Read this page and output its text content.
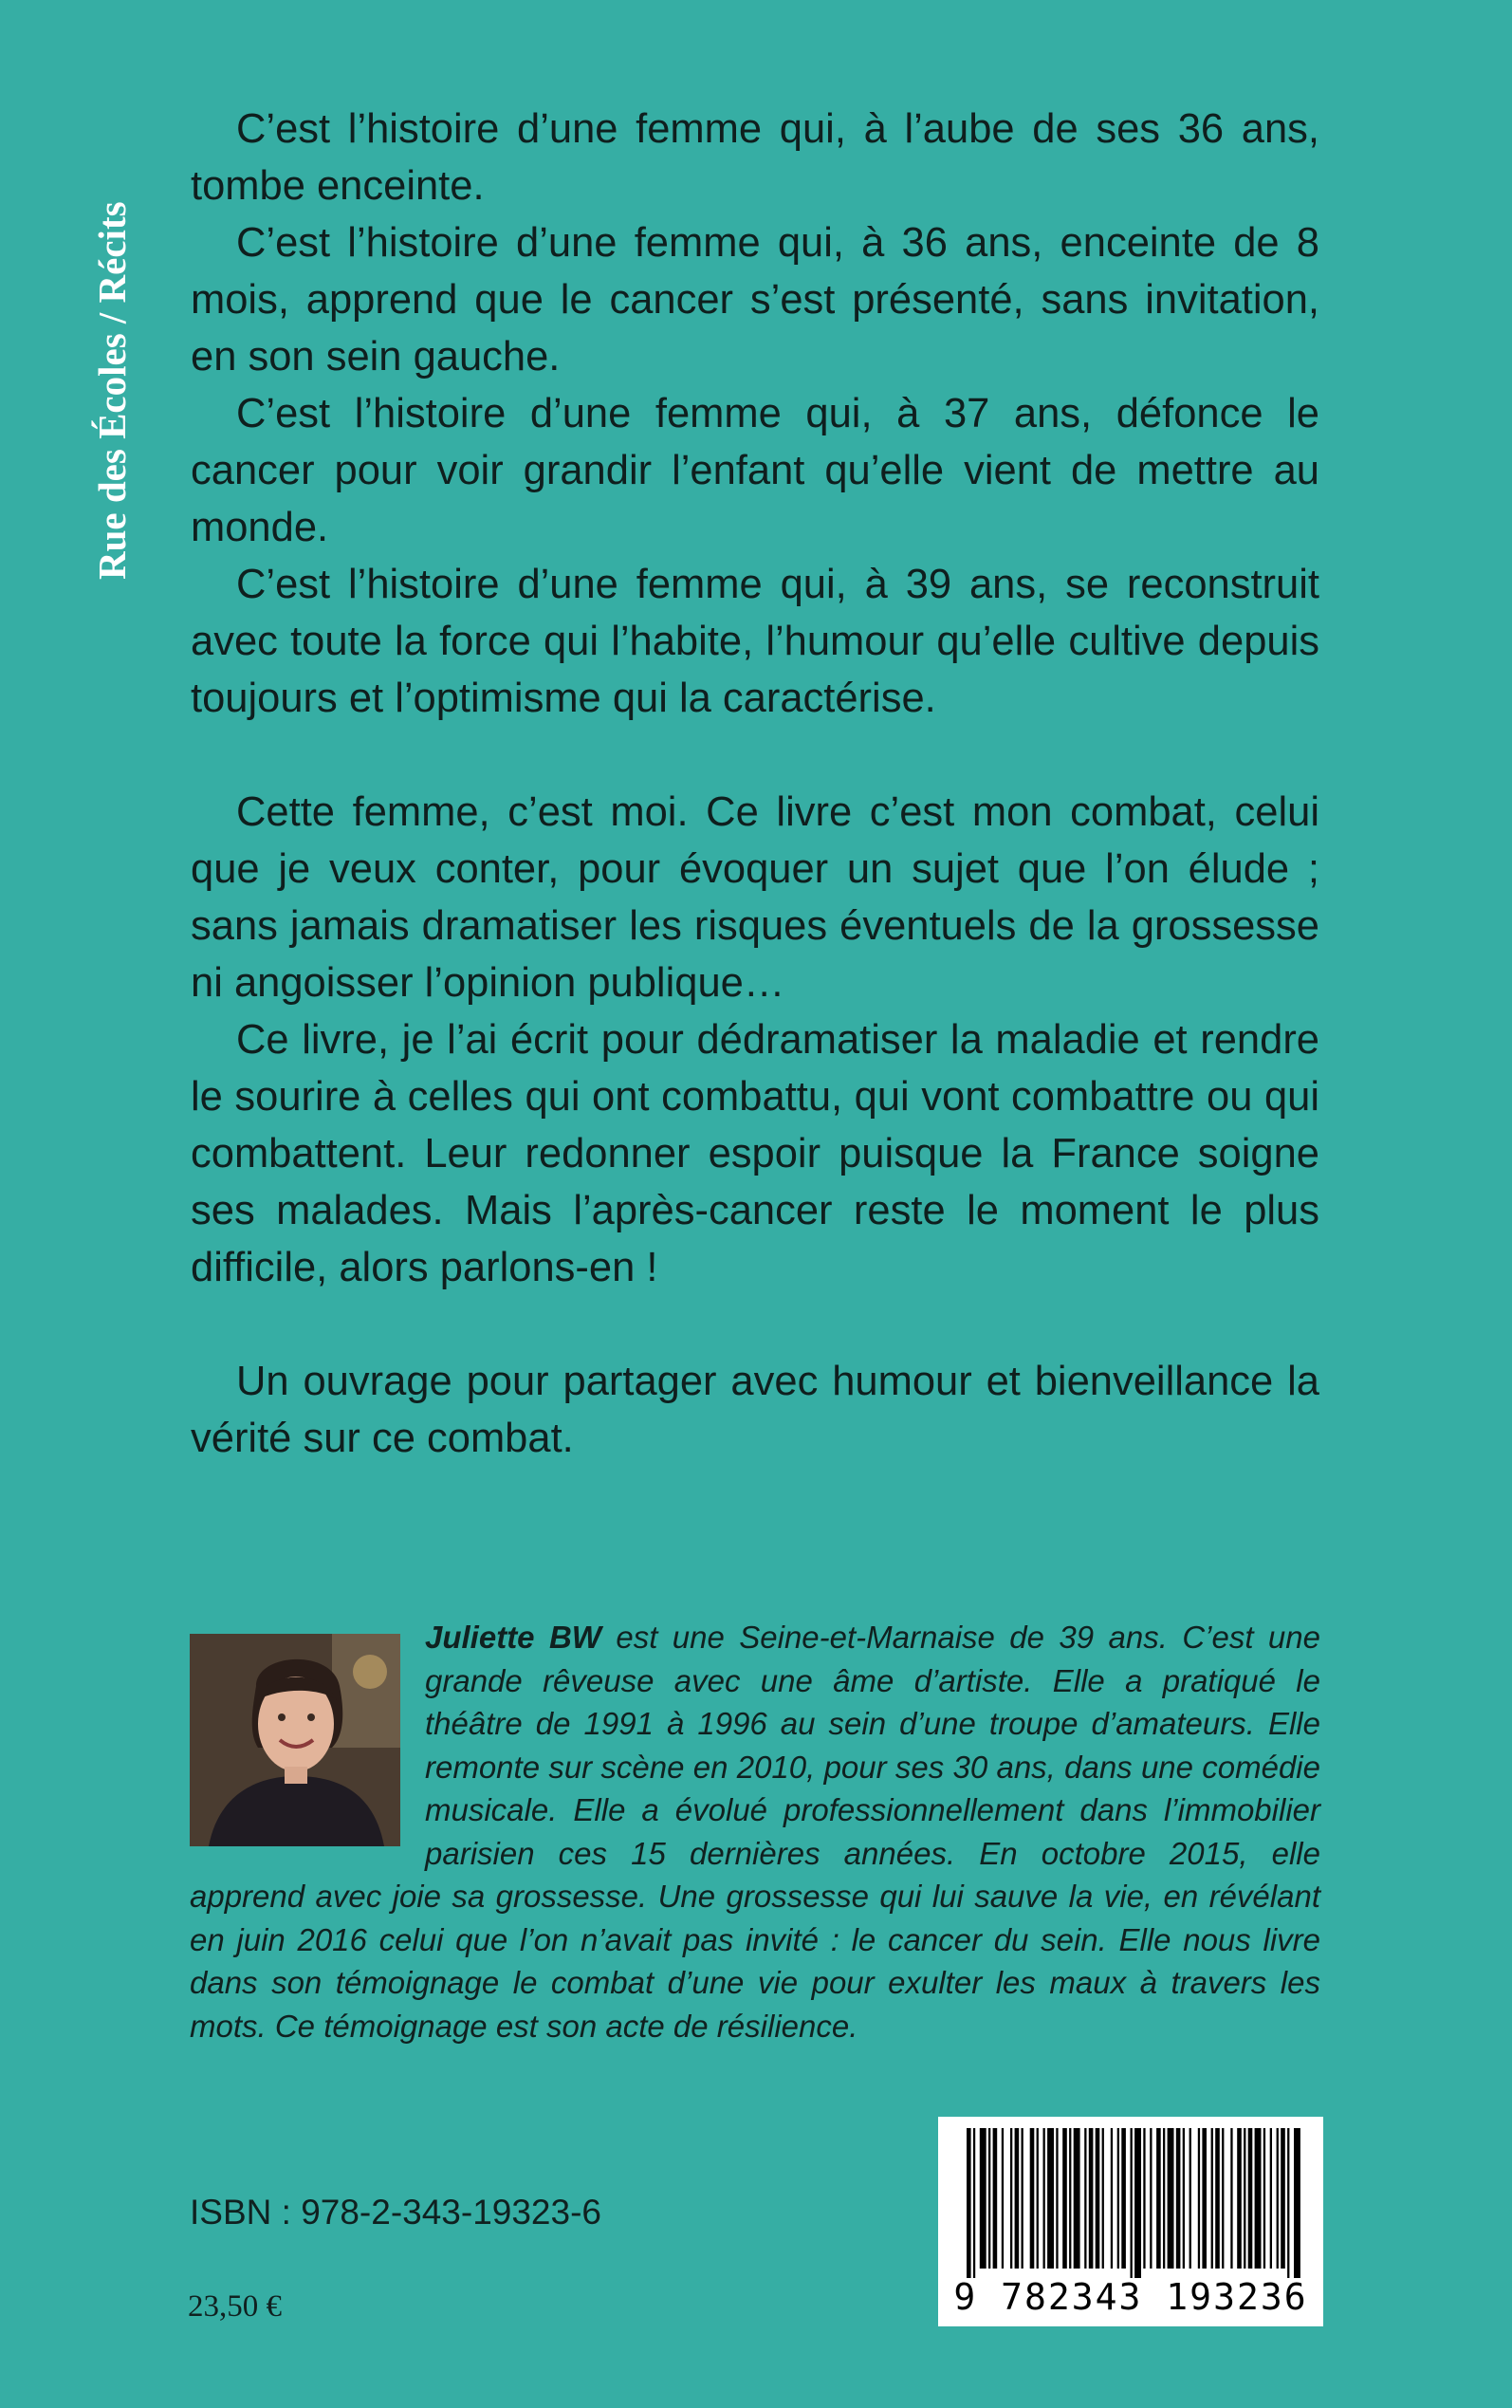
Rue des Écoles / Récits

C’est l’histoire d’une femme qui, à l’aube de ses 36 ans, tombe enceinte.

C’est l’histoire d’une femme qui, à 36 ans, enceinte de 8 mois, apprend que le cancer s’est présenté, sans invitation, en son sein gauche.

C’est l’histoire d’une femme qui, à 37 ans, défonce le cancer pour voir grandir l’enfant qu’elle vient de mettre au monde.

C’est l’histoire d’une femme qui, à 39 ans, se reconstruit avec toute la force qui l’habite, l’humour qu’elle cultive depuis toujours et l’optimisme qui la caractérise.

Cette femme, c’est moi. Ce livre c’est mon combat, celui que je veux conter, pour évoquer un sujet que l’on élude ; sans jamais dramatiser les risques éventuels de la grossesse ni angoisser l’opinion publique…

Ce livre, je l’ai écrit pour dédramatiser la maladie et rendre le sourire à celles qui ont combattu, qui vont combattre ou qui combattent. Leur redonner espoir puisque la France soigne ses malades. Mais l’après-cancer reste le moment le plus difficile, alors parlons-en !

Un ouvrage pour partager avec humour et bienveillance la vérité sur ce combat.

Juliette BW est une Seine-et-Marnaise de 39 ans. C’est une grande rêveuse avec une âme d’artiste. Elle a pratiqué le théâtre de 1991 à 1996 au sein d’une troupe d’amateurs. Elle remonte sur scène en 2010, pour ses 30 ans, dans une comédie musicale. Elle a évolué professionnellement dans l’immobilier parisien ces 15 dernières années. En octobre 2015, elle apprend avec joie sa grossesse. Une grossesse qui lui sauve la vie, en révélant en juin 2016 celui que l’on n’avait pas invité : le cancer du sein. Elle nous livre dans son témoignage le combat d’une vie pour exulter les maux à travers les mots. Ce témoignage est son acte de résilience.
9 782343 193236
ISBN : 978-2-343-19323-6
23,50 €
